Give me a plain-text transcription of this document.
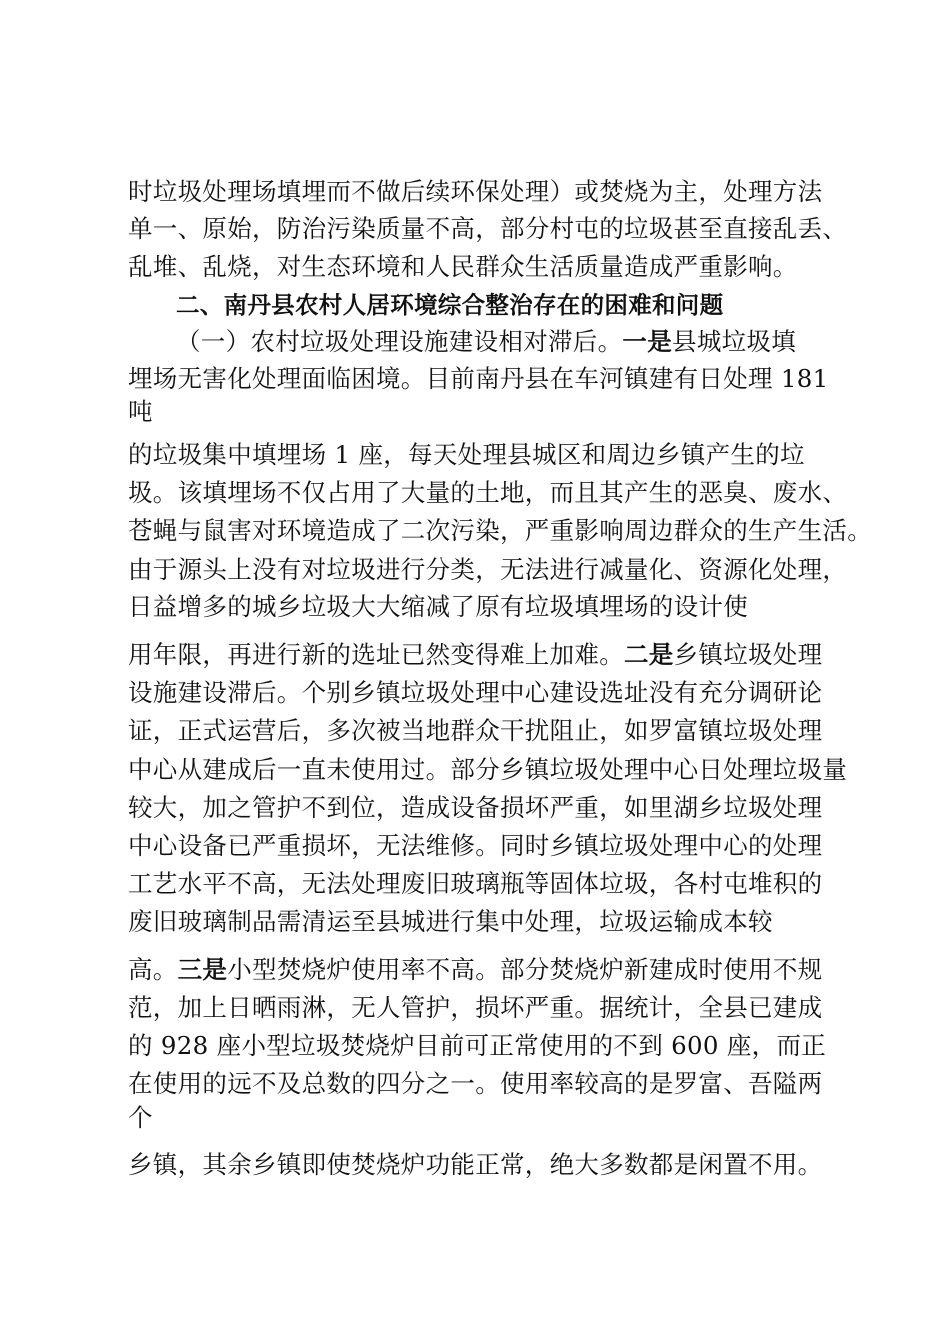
时垃圾处理场填埋而不做后续环保处理）或焚烧为主，处理方法
单一、原始，防治污染质量不高，部分村屯的垃圾甚至直接乱丢、
乱堆、乱烧，对生态环境和人民群众生活质量造成严重影响。
二、南丹县农村人居环境综合整治存在的困难和问题
（一）农村垃圾处理设施建设相对滞后。一是县城垃圾填
埋场无害化处理面临困境。目前南丹县在车河镇建有日处理 181
吨
的垃圾集中填埋场 1 座，每天处理县城区和周边乡镇产生的垃
圾。该填埋场不仅占用了大量的土地，而且其产生的恶臭、废水、
苍蝇与鼠害对环境造成了二次污染，严重影响周边群众的生产生活。
由于源头上没有对垃圾进行分类，无法进行减量化、资源化处理，
日益增多的城乡垃圾大大缩减了原有垃圾填埋场的设计使
用年限，再进行新的选址已然变得难上加难。二是乡镇垃圾处理
设施建设滞后。个别乡镇垃圾处理中心建设选址没有充分调研论
证，正式运营后，多次被当地群众干扰阻止，如罗富镇垃圾处理
中心从建成后一直未使用过。部分乡镇垃圾处理中心日处理垃圾量
较大，加之管护不到位，造成设备损坏严重，如里湖乡垃圾处理
中心设备已严重损坏，无法维修。同时乡镇垃圾处理中心的处理
工艺水平不高，无法处理废旧玻璃瓶等固体垃圾，各村屯堆积的
废旧玻璃制品需清运至县城进行集中处理，垃圾运输成本较
高。三是小型焚烧炉使用率不高。部分焚烧炉新建成时使用不规
范，加上日晒雨淋，无人管护，损坏严重。据统计，全县已建成
的 928 座小型垃圾焚烧炉目前可正常使用的不到 600 座，而正
在使用的远不及总数的四分之一。使用率较高的是罗富、吾隘两
个
乡镇，其余乡镇即使焚烧炉功能正常，绝大多数都是闲置不用。
